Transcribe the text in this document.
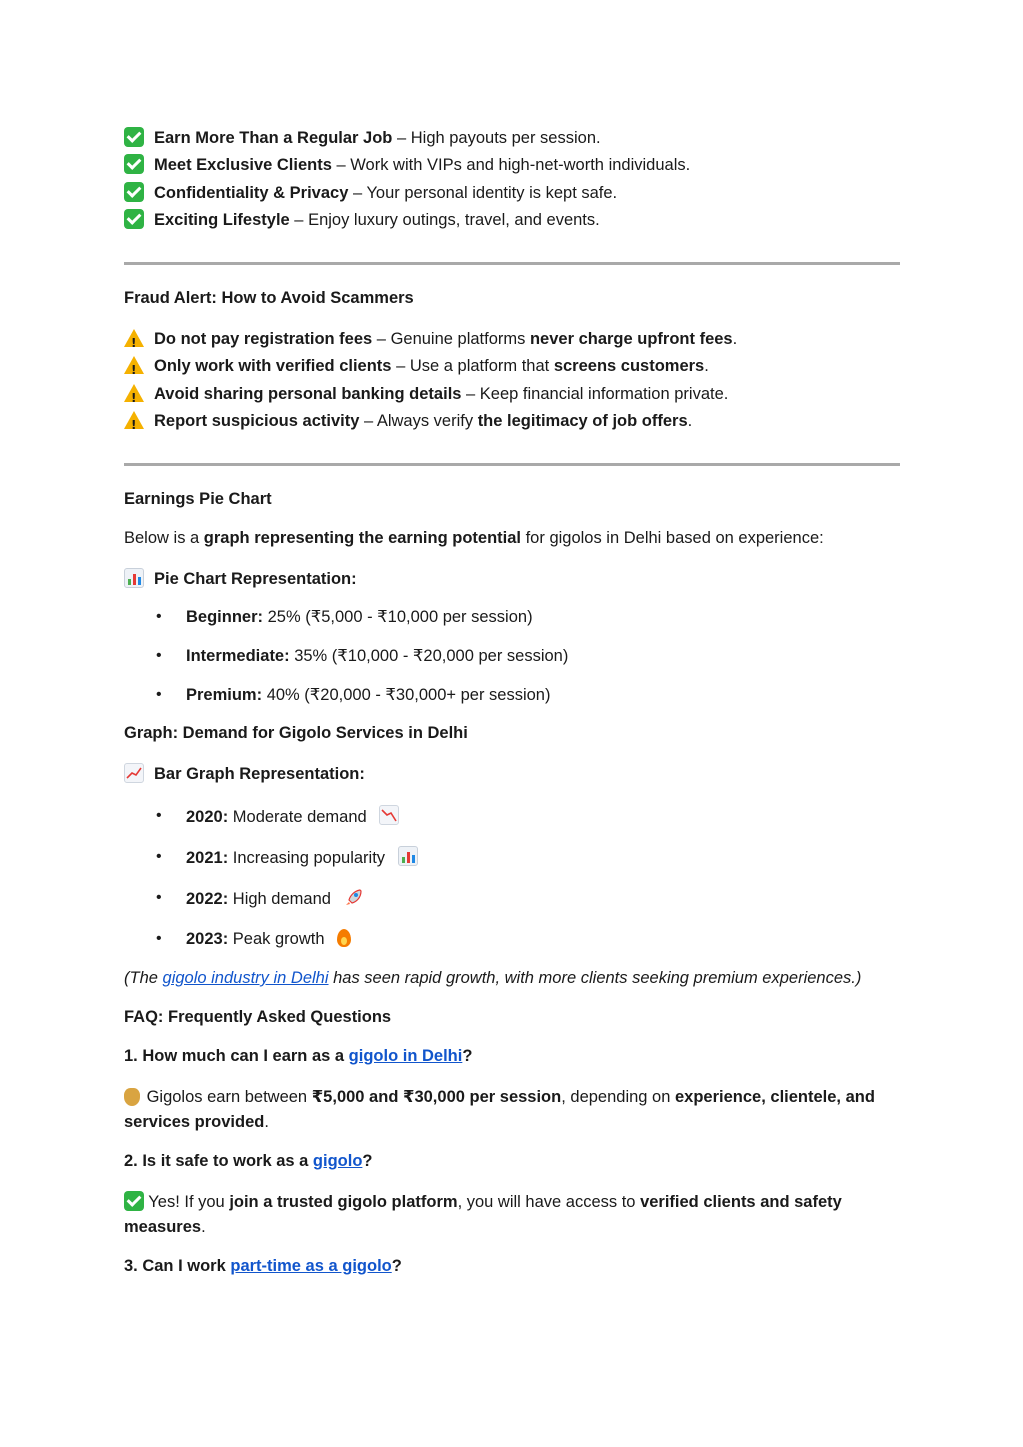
Earn More Than a Regular Job – High payouts per session.
Meet Exclusive Clients – Work with VIPs and high-net-worth individuals.
Confidentiality & Privacy – Your personal identity is kept safe.
Exciting Lifestyle – Enjoy luxury outings, travel, and events.
Fraud Alert: How to Avoid Scammers
!Do not pay registration fees – Genuine platforms never charge upfront fees.
!Only work with verified clients – Use a platform that screens customers.
!Avoid sharing personal banking details – Keep financial information private.
!Report suspicious activity – Always verify the legitimacy of job offers.
Earnings Pie Chart
Below is a graph representing the earning potential for gigolos in Delhi based on experience:
Pie Chart Representation:
• Beginner: 25% (₹5,000 - ₹10,000 per session)
• Intermediate: 35% (₹10,000 - ₹20,000 per session)
• Premium: 40% (₹20,000 - ₹30,000+ per session)
Graph: Demand for Gigolo Services in Delhi
Bar Graph Representation:
• 2020: Moderate demand
• 2021: Increasing popularity
• 2022: High demand
• 2023: Peak growth
(The gigolo industry in Delhi has seen rapid growth, with more clients seeking premium experiences.)
FAQ: Frequently Asked Questions
1. How much can I earn as a gigolo in Delhi?
Gigolos earn between ₹5,000 and ₹30,000 per session, depending on experience, clientele, and
services provided.
2. Is it safe to work as a gigolo?
Yes! If you join a trusted gigolo platform, you will have access to verified clients and safety
measures.
3. Can I work part-time as a gigolo?
